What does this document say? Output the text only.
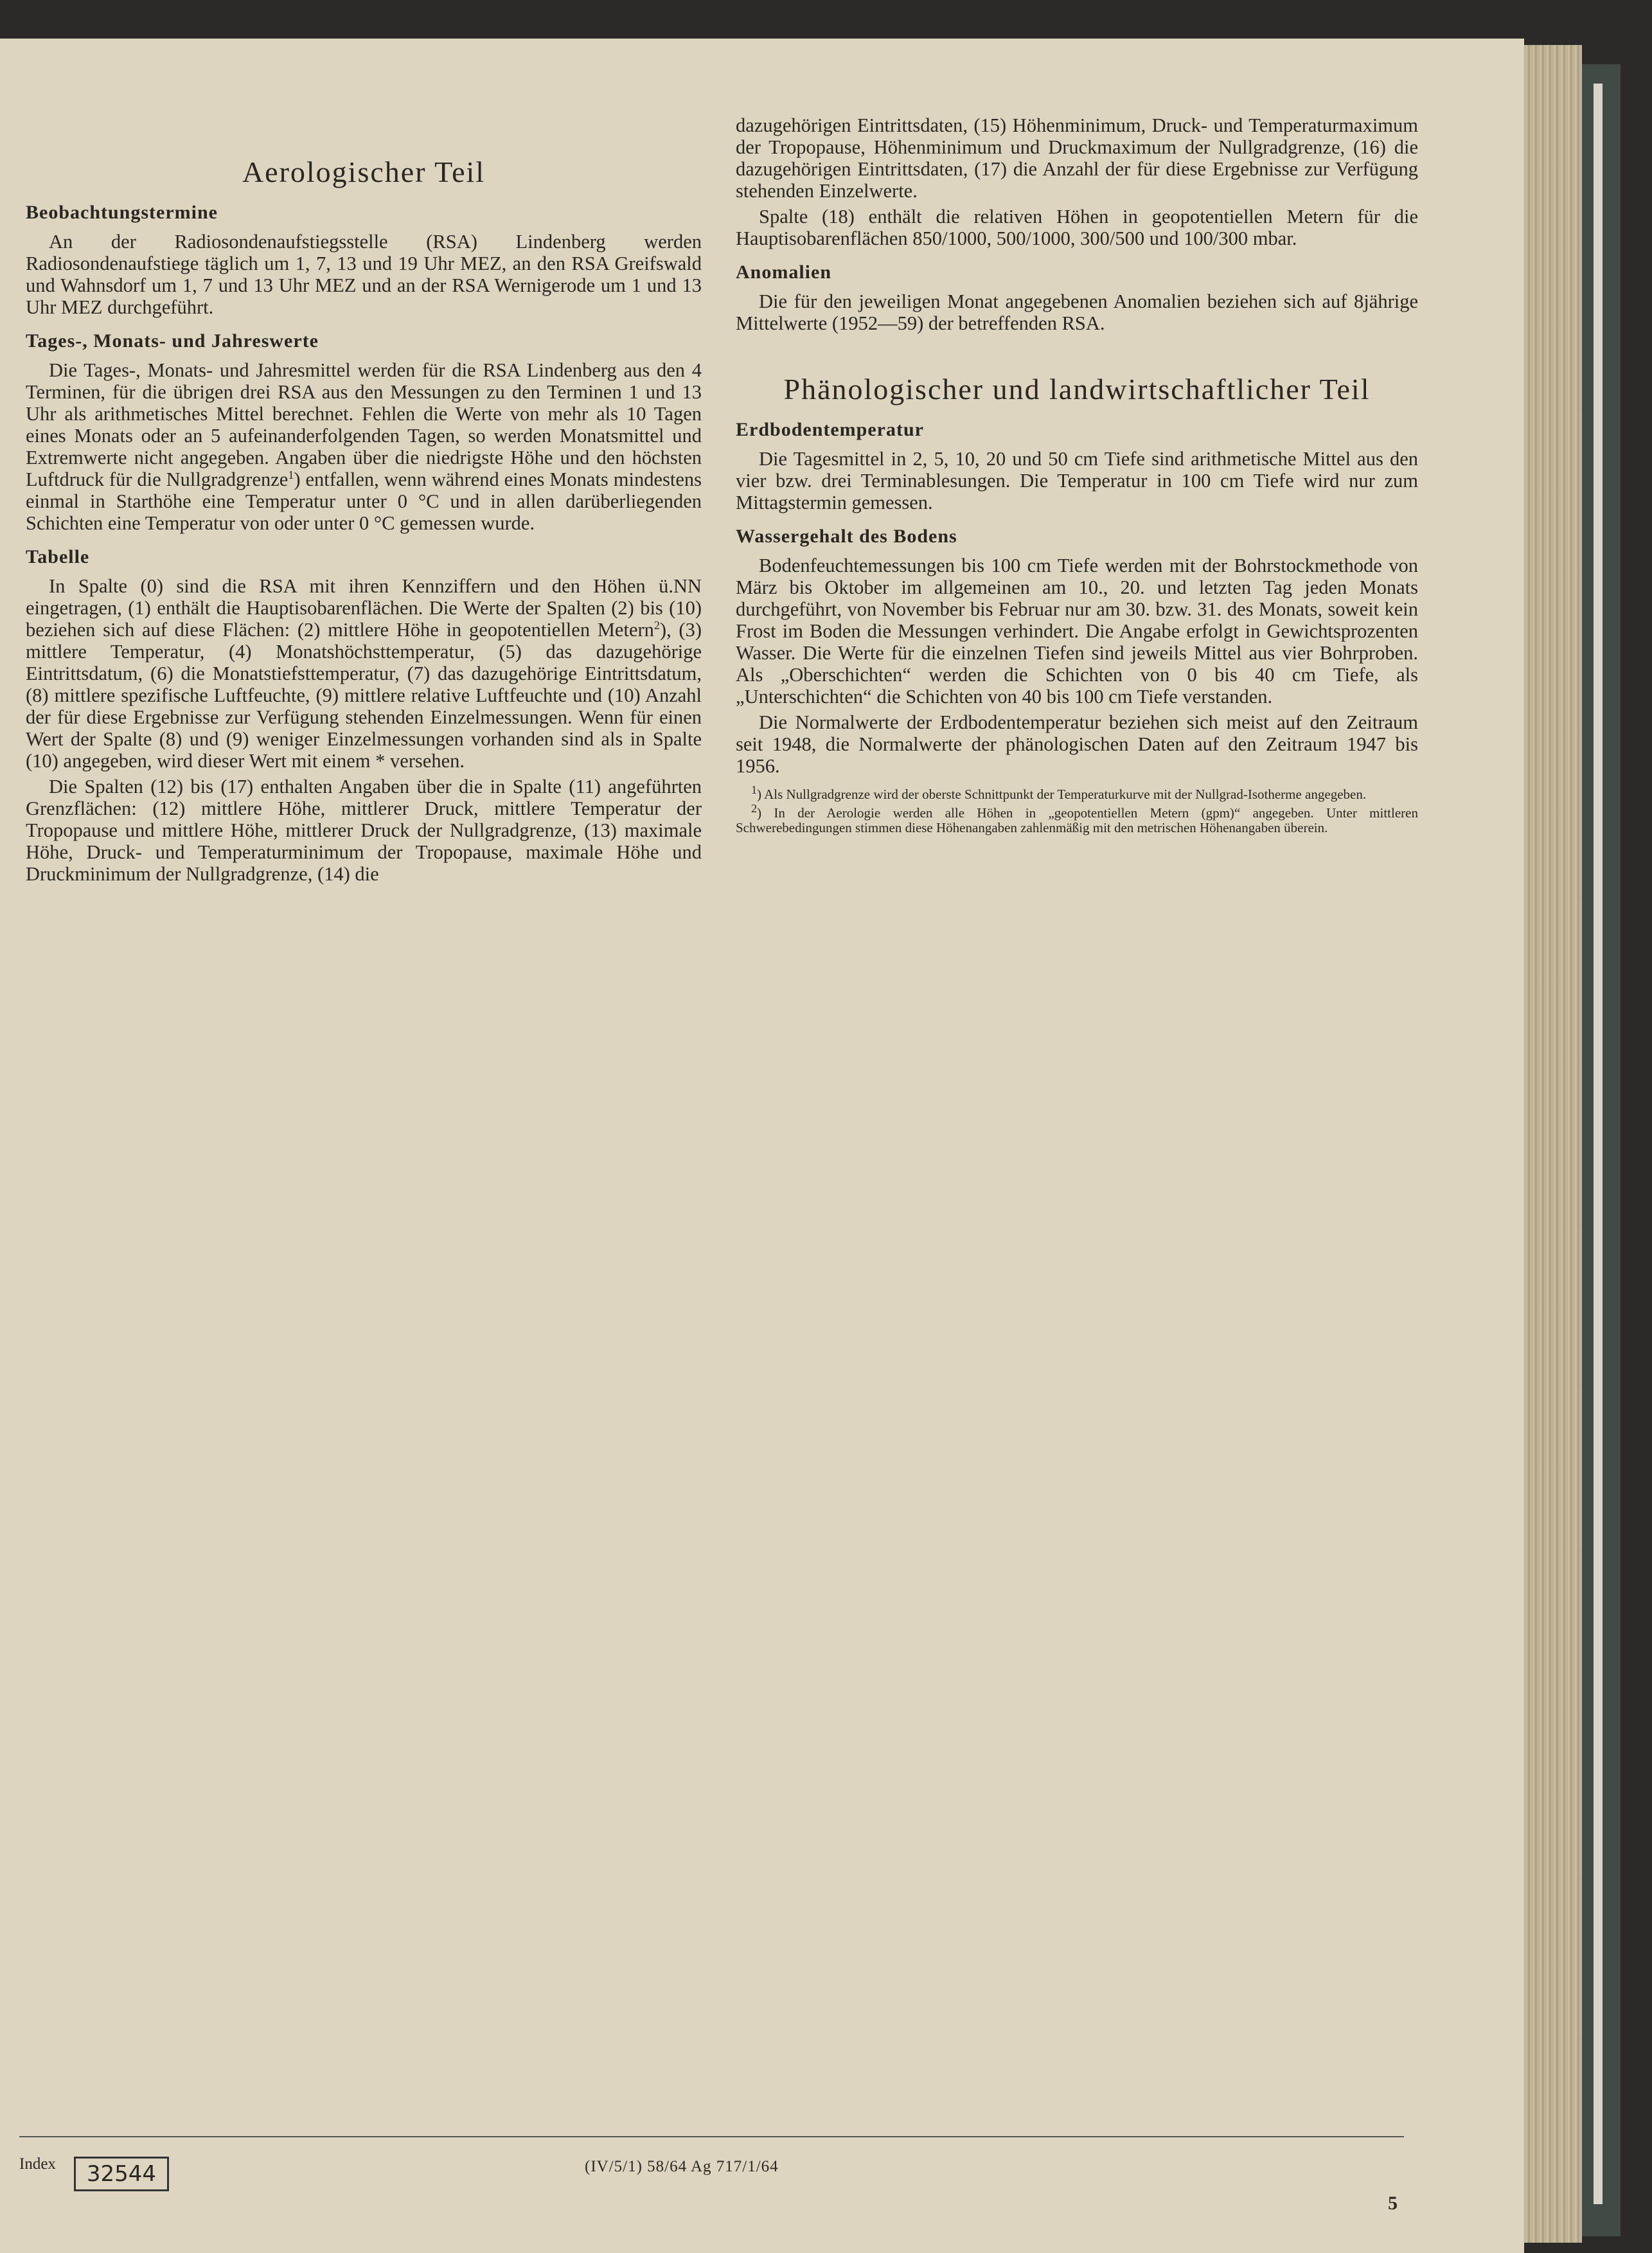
Aerologischer Teil
Beobachtungstermine

An der Radiosondenaufstiegsstelle (RSA) Lindenberg werden Radiosondenaufstiege täglich um 1, 7, 13 und 19 Uhr MEZ, an den RSA Greifswald und Wahnsdorf um 1, 7 und 13 Uhr MEZ und an der RSA Wernigerode um 1 und 13 Uhr MEZ durchgeführt.

Tages-, Monats- und Jahreswerte

Die Tages-, Monats- und Jahresmittel werden für die RSA Lindenberg aus den 4 Terminen, für die übrigen drei RSA aus den Messungen zu den Terminen 1 und 13 Uhr als arithmetisches Mittel berechnet. Fehlen die Werte von mehr als 10 Tagen eines Monats oder an 5 aufeinanderfolgenden Tagen, so werden Monatsmittel und Extremwerte nicht angegeben. Angaben über die niedrigste Höhe und den höchsten Luftdruck für die Nullgradgrenze$^1$) entfallen, wenn während eines Monats mindestens einmal in Starthöhe eine Temperatur unter 0 °C und in allen darüberliegenden Schichten eine Temperatur von oder unter 0 °C gemessen wurde.

Tabelle

In Spalte (0) sind die RSA mit ihren Kennziffern und den Höhen ü.NN eingetragen, (1) enthält die Hauptisobarenflächen. Die Werte der Spalten (2) bis (10) beziehen sich auf diese Flächen: (2) mittlere Höhe in geopotentiellen Metern$^2$), (3) mittlere Temperatur, (4) Monatshöchsttemperatur, (5) das dazugehörige Eintrittsdatum, (6) die Monatstiefsttemperatur, (7) das dazugehörige Eintrittsdatum, (8) mittlere spezifische Luftfeuchte, (9) mittlere relative Luftfeuchte und (10) Anzahl der für diese Ergebnisse zur Verfügung stehenden Einzelmessungen. Wenn für einen Wert der Spalte (8) und (9) weniger Einzelmessungen vorhanden sind als in Spalte (10) angegeben, wird dieser Wert mit einem * versehen.

Die Spalten (12) bis (17) enthalten Angaben über die in Spalte (11) angeführten Grenzflächen: (12) mittlere Höhe, mittlerer Druck, mittlere Temperatur der Tropopause und mittlere Höhe, mittlerer Druck der Nullgradgrenze, (13) maximale Höhe, Druck- und Temperaturminimum der Tropopause, maximale Höhe und Druckminimum der Nullgradgrenze, (14) die

dazugehörigen Eintrittsdaten, (15) Höhenminimum, Druck- und Temperaturmaximum der Tropopause, Höhenminimum und Druckmaximum der Nullgradgrenze, (16) die dazugehörigen Eintrittsdaten, (17) die Anzahl der für diese Ergebnisse zur Verfügung stehenden Einzelwerte.

Spalte (18) enthält die relativen Höhen in geopotentiellen Metern für die Hauptisobarenflächen 850/1000, 500/1000, 300/500 und 100/300 mbar.

Anomalien

Die für den jeweiligen Monat angegebenen Anomalien beziehen sich auf 8jährige Mittelwerte (1952—59) der betreffenden RSA.

Phänologischer und landwirtschaftlicher Teil
Erdbodentemperatur

Die Tagesmittel in 2, 5, 10, 20 und 50 cm Tiefe sind arithmetische Mittel aus den vier bzw. drei Terminablesungen. Die Temperatur in 100 cm Tiefe wird nur zum Mittagstermin gemessen.

Wassergehalt des Bodens

Bodenfeuchtemessungen bis 100 cm Tiefe werden mit der Bohrstockmethode von März bis Oktober im allgemeinen am 10., 20. und letzten Tag jeden Monats durchgeführt, von November bis Februar nur am 30. bzw. 31. des Monats, soweit kein Frost im Boden die Messungen verhindert. Die Angabe erfolgt in Gewichtsprozenten Wasser. Die Werte für die einzelnen Tiefen sind jeweils Mittel aus vier Bohrproben. Als „Oberschichten“ werden die Schichten von 0 bis 40 cm Tiefe, als „Unterschichten“ die Schichten von 40 bis 100 cm Tiefe verstanden.

Die Normalwerte der Erdbodentemperatur beziehen sich meist auf den Zeitraum seit 1948, die Normalwerte der phänologischen Daten auf den Zeitraum 1947 bis 1956.

$^1$) Als Nullgradgrenze wird der oberste Schnittpunkt der Temperaturkurve mit der Nullgrad-Isotherme angegeben.

$^2$) In der Aerologie werden alle Höhen in „geopotentiellen Metern (gpm)“ angegeben. Unter mittleren Schwerebedingungen stimmen diese Höhenangaben zahlenmäßig mit den metrischen Höhenangaben überein.

Index	32544	(IV/5/1) 58/64 Ag 717/1/64
5
